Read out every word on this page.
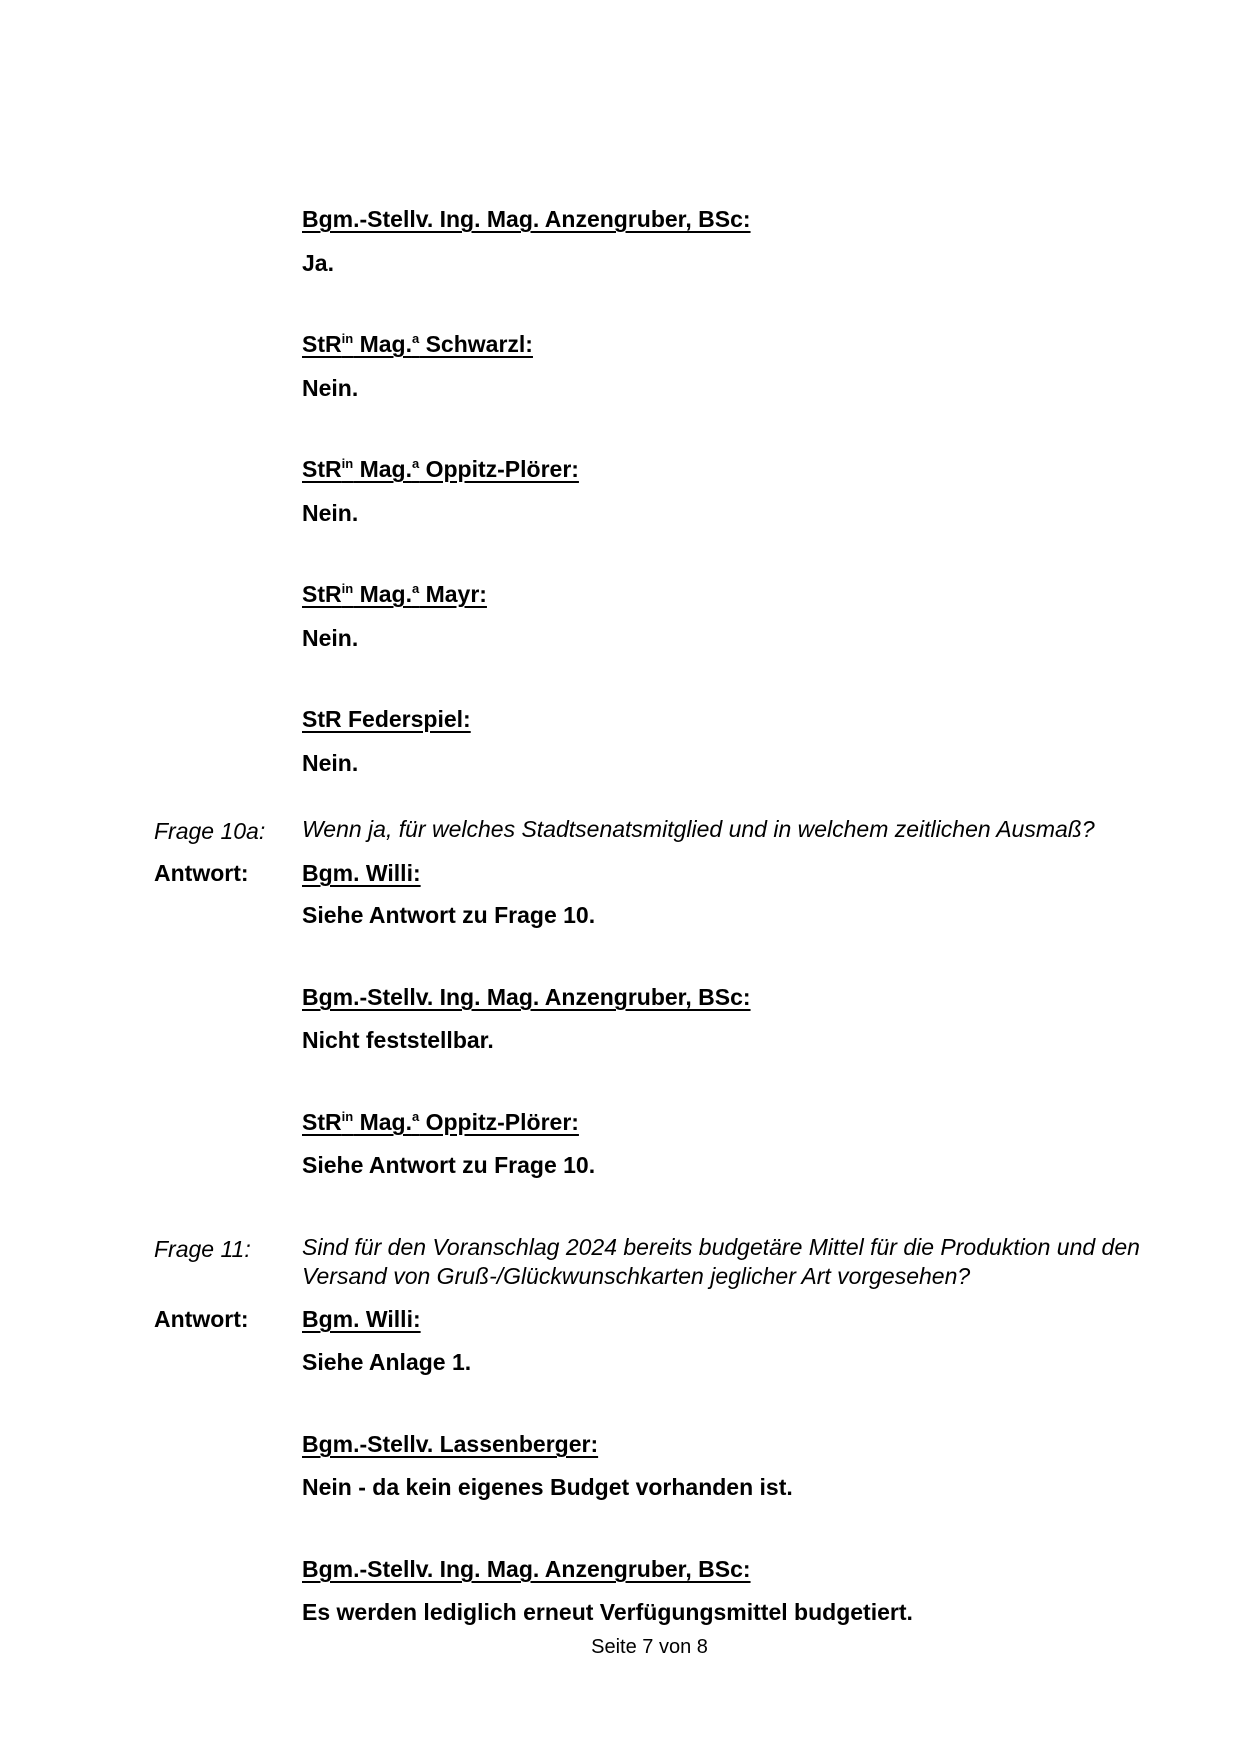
Bgm.-Stellv. Ing. Mag. Anzengruber, BSc:
Ja.
StR$^{in}$ Mag.$^a$ Schwarzl:
Nein.
StR$^{in}$ Mag.$^a$ Oppitz-Plörer:
Nein.
StR$^{in}$ Mag.$^a$ Mayr:
Nein.
StR Federspiel:
Nein.
Frage 10a: Wenn ja, für welches Stadtsenatsmitglied und in welchem zeitlichen Ausmaß?
Antwort: Bgm. Willi:
Siehe Antwort zu Frage 10.
Bgm.-Stellv. Ing. Mag. Anzengruber, BSc:
Nicht feststellbar.
StR$^{in}$ Mag.$^a$ Oppitz-Plörer:
Siehe Antwort zu Frage 10.
Frage 11: Sind für den Voranschlag 2024 bereits budgetäre Mittel für die Produktion und den Versand von Gruß-/Glückwunschkarten jeglicher Art vorgesehen?
Antwort: Bgm. Willi:
Siehe Anlage 1.
Bgm.-Stellv. Lassenberger:
Nein - da kein eigenes Budget vorhanden ist.
Bgm.-Stellv. Ing. Mag. Anzengruber, BSc:
Es werden lediglich erneut Verfügungsmittel budgetiert.
Seite 7 von 8
